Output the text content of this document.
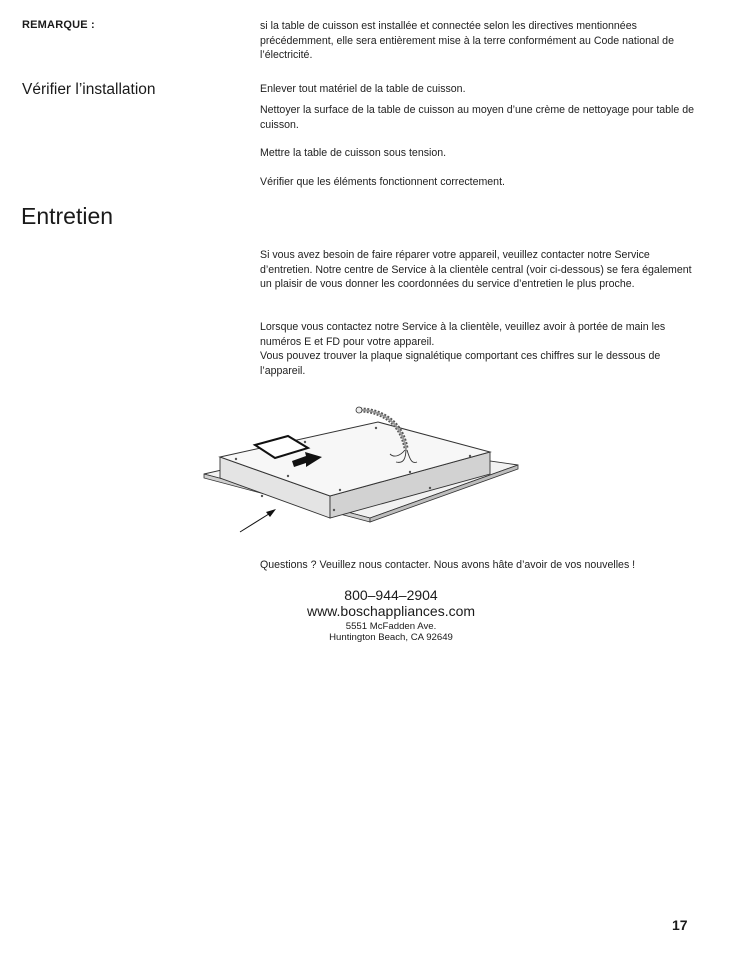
REMARQUE :	si la table de cuisson est installée et connectée selon les directives mentionnées précédemment, elle sera entièrement mise à la terre conformément au Code national de l’électricité.
Vérifier l’installation	Enlever tout matériel de la table de cuisson.
Nettoyer la surface de la table de cuisson au moyen d’une crème de nettoyage pour table de cuisson.
Mettre la table de cuisson sous tension.
Vérifier que les éléments fonctionnent correctement.
Entretien
Si vous avez besoin de faire réparer votre appareil, veuillez contacter notre Service d’entretien. Notre centre de Service à la clientèle central (voir ci-dessous) se fera également un plaisir de vous donner les coordonnées du service d’entretien le plus proche.
Lorsque vous contactez notre Service à la clientèle, veuillez avoir à portée de main les numéros E et FD pour votre appareil.
Vous pouvez trouver la plaque signalétique comportant ces chiffres sur le dessous de l’appareil.
Questions ? Veuillez nous contacter. Nous avons hâte d’avoir de vos nouvelles !
800–944–2904
www.boschappliances.com
5551 McFadden Ave.
Huntington Beach, CA 92649
17
